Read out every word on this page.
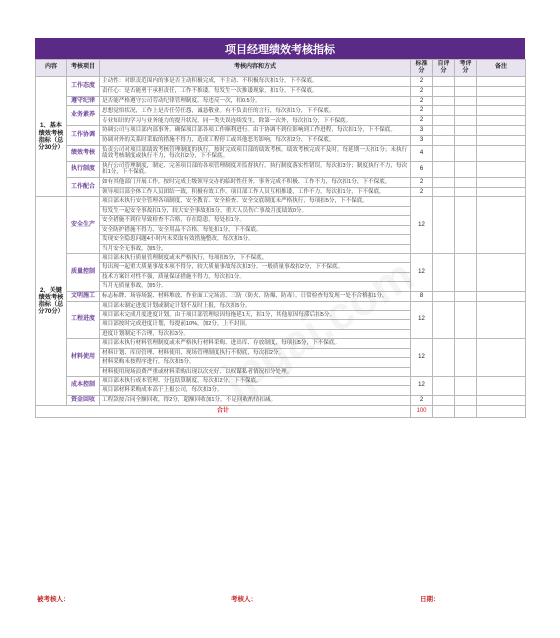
项目经理绩效考核指标
内容	考核项目	考核内容和方式	标准分	自评分	考评分	备注
1、基本绩效考核指标（总分30分）	工作态度	主动性：对职责范围内的事是否主动积极完成，不主动、不积极每次扣1分，下不保底。	2			
		责任心：是否能勇于承担责任，工作不推诿。每发生一次推诿现象，扣1分，下不保底。	2			
	遵守纪律	是否能严格遵守公司劳动纪律管理制度。每违反一次，扣0.5分。	2			
	业务素养	思想觉悟状况，工作上是否任劳任怨，诚恳敬业。有不负责任的言行，每次扣1分，下不保底。	2			
		专业知识的学习与业务能力的提升状况。同一类失误连续发生，除第一次外，每次扣1分，下不保底。	2			
	工作协调	协调公司与项目部内部事务，确保项目部各项工作顺利进行。由于协调不到位影响到工作进程，每次扣1分，下不保底。	3			
		协调对外的关系时采取的措施不得力，造成工程停工或其他恶劣影响，每次扣2分，下不保底。	3			
	绩效考核	负责公司对项目部绩效考核管理制度的执行，按时完成项目部的绩效考核。绩效考核完成不及时，每延期一天扣1分；未执行绩效考核制度或执行不力，每次扣2分，下不保底。	4			
	执行制度	执行公司管理制度，制定、完善项目部的各项管理制度并监督执行。执行制度落实性错误，每次扣3分；制度执行不力，每次扣1分，下不保底。	6			
	工作配合	如有其他部门开展工作，按时完成上级领导交办的临时性任务。事务完成不积极、工作不力，每次扣1分，下不保底。	2			
		领导项目部全体工作人员团结一致，积极有效工作。项目部工作人员互相推诿，工作不力，每次扣1分，下不保底。	2			
2、关键绩效考核指标（总分70分）	安全生产	项目部未执行安全管理各项制度，安全教育、安全检查、安全交底制度未严格执行，每项扣5分，下不保底。	12			
		每发生一起安全事故扣1分，较大安全事故扣5分，重大人员伤亡事故月度绩效0分。				
		安全措施不到位导致检查不合格，存在隐患，每处扣1分。				
		安全防护措施不得力、安全用品不合格，每处扣1分，下不保底。				
		发现安全隐患问题4小时内未采取有效措施整改，每次扣5分。				
		当月安全无事故，加5分。				
	质量控制	项目部未执行质量管理制度或未严格执行，每项扣5分，下不保底。	12			
		每出现一起重大质量事故本项不得分，较大质量事故每次扣3分，一般质量事故扣2分，下不保底。				
		技术方案针对性不强，质量保证措施不得力，每次扣1分。				
		当月无质量事故，加5分。				
	文明施工	标志标牌、场容场貌、材料堆放、作业面工完场清、三防（防火、防爆、防毒）。日常检查每发现一处不合格扣1分。	8			
	工程进度	项目部未制定进度计划或制定计划不及时上报，每次扣5分。	12			
		项目部未完成月度进度计划，由于项目部管理原因每拖延1天，扣1分，其他原因每滞后扣5分。				
		项目部按时完成进度计划，每提前10%，加2分，上不封顶。				
		进度计划制定不合理，每次扣3分。				
	材料使用	项目部未执行材料管理制度或未严格执行材料采购、进出库、存放制度，每项扣5分，下不保底。	12			
		材料计划、库房管理、材料使用、现场管理制度执行不彻底，每次扣2分。				
		材料采购未按程序进行，每次扣5分。				
		材料使用现场浪费严重或材料采购出现以次充好、以权谋私者情况扣分处理。				
	成本控制	项目部未执行成本管理、分包结算制度，每次扣2分，下不保底。	12			
		项目部材料采购成本高于上报公司，每次扣3分。				
	资金回收	工程款按合同全额回收，得2分，超额回收加1分，不足回收酌情扣减。	2			
合计			100			
被考核人：	考核人：	日期：
